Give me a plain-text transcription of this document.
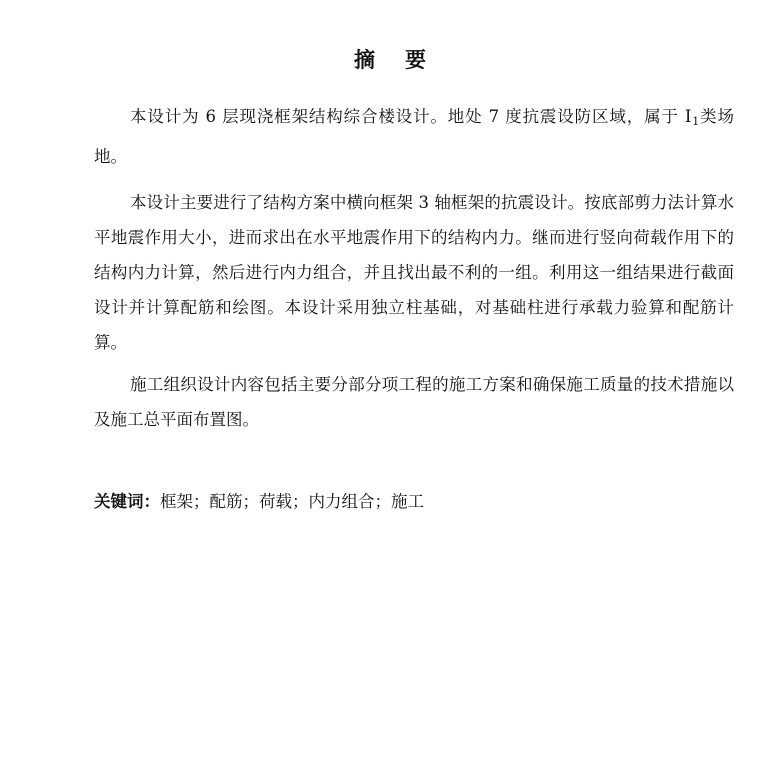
摘 要

本设计为 6 层现浇框架结构综合楼设计。地处 7 度抗震设防区域，属于 $Ⅰ_1$类场地。

本设计主要进行了结构方案中横向框架 3 轴框架的抗震设计。按底部剪力法计算水平地震作用大小，进而求出在水平地震作用下的结构内力。继而进行竖向荷载作用下的结构内力计算，然后进行内力组合，并且找出最不利的一组。利用这一组结果进行截面设计并计算配筋和绘图。本设计采用独立柱基础，对基础柱进行承载力验算和配筋计算。

施工组织设计内容包括主要分部分项工程的施工方案和确保施工质量的技术措施以及施工总平面布置图。

关键词：框架；配筋；荷载；内力组合；施工
